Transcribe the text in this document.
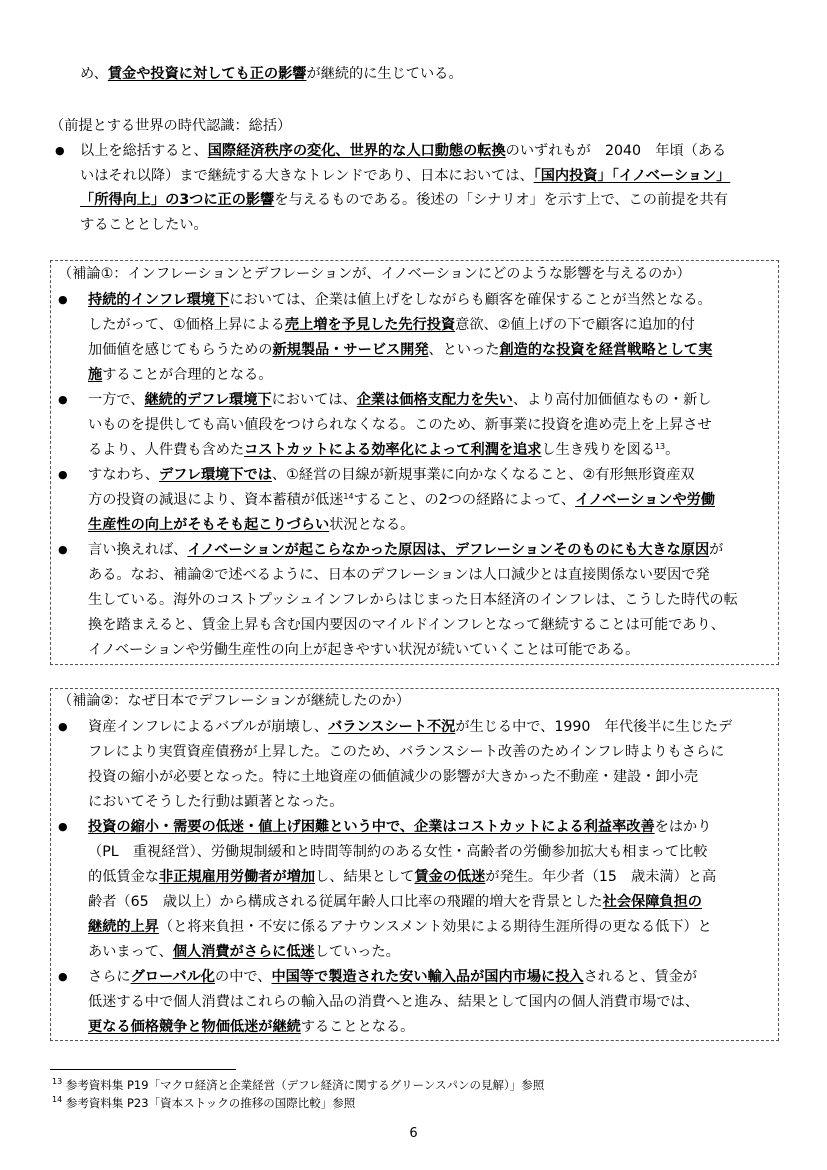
め、賃金や投資に対しても正の影響が継続的に生じている。
（前提とする世界の時代認識：総括）
● 以上を総括すると、国際経済秩序の変化、世界的な人口動態の転換のいずれもが　2040　年頃（ある
いはそれ以降）まで継続する大きなトレンドであり、日本においては、「国内投資」「イノベーション」
「所得向上」の3つに正の影響を与えるものである。後述の「シナリオ」を示す上で、この前提を共有
することとしたい。
（補論①：インフレーションとデフレーションが、イノベーションにどのような影響を与えるのか）
● 持続的インフレ環境下においては、企業は値上げをしながらも顧客を確保することが当然となる。
したがって、①価格上昇による売上増を予見した先行投資意欲、②値上げの下で顧客に追加的付
加価値を感じてもらうための新規製品・サービス開発、といった創造的な投資を経営戦略として実
施することが合理的となる。
● 一方で、継続的デフレ環境下においては、企業は価格支配力を失い、より高付加価値なもの・新し
いものを提供しても高い値段をつけられなくなる。このため、新事業に投資を進め売上を上昇させ
るより、人件費も含めたコストカットによる効率化によって利潤を追求し生き残りを図る$^{13}$。
● すなわち、デフレ環境下では、①経営の目線が新規事業に向かなくなること、②有形無形資産双
方の投資の減退により、資本蓄積が低迷$^{14}$すること、の2つの経路によって、イノベーションや労働
生産性の向上がそもそも起こりづらい状況となる。
● 言い換えれば、イノベーションが起こらなかった原因は、デフレーションそのものにも大きな原因が
ある。なお、補論②で述べるように、日本のデフレーションは人口減少とは直接関係ない要因で発
生している。海外のコストプッシュインフレからはじまった日本経済のインフレは、こうした時代の転
換を踏まえると、賃金上昇も含む国内要因のマイルドインフレとなって継続することは可能であり、
イノベーションや労働生産性の向上が起きやすい状況が続いていくことは可能である。
（補論②：なぜ日本でデフレーションが継続したのか）
● 資産インフレによるバブルが崩壊し、バランスシート不況が生じる中で、1990　年代後半に生じたデ
フレにより実質資産債務が上昇した。このため、バランスシート改善のためインフレ時よりもさらに
投資の縮小が必要となった。特に土地資産の価値減少の影響が大きかった不動産・建設・卸小売
においてそうした行動は顕著となった。
● 投資の縮小・需要の低迷・値上げ困難という中で、企業はコストカットによる利益率改善をはかり
（PL　重視経営）、労働規制緩和と時間等制約のある女性・高齢者の労働参加拡大も相まって比較
的低賃金な非正規雇用労働者が増加し、結果として賃金の低迷が発生。年少者（15　歳未満）と高
齢者（65　歳以上）から構成される従属年齢人口比率の飛躍的増大を背景とした社会保障負担の
継続的上昇（と将来負担・不安に係るアナウンスメント効果による期待生涯所得の更なる低下）と
あいまって、個人消費がさらに低迷していった。
● さらにグローバル化の中で、中国等で製造された安い輸入品が国内市場に投入されると、賃金が
低迷する中で個人消費はこれらの輸入品の消費へと進み、結果として国内の個人消費市場では、
更なる価格競争と物価低迷が継続することとなる。
$^{13}$ 参考資料集 P19「マクロ経済と企業経営（デフレ経済に関するグリーンスパンの見解）」参照
$^{14}$ 参考資料集 P23「資本ストックの推移の国際比較」参照
6
